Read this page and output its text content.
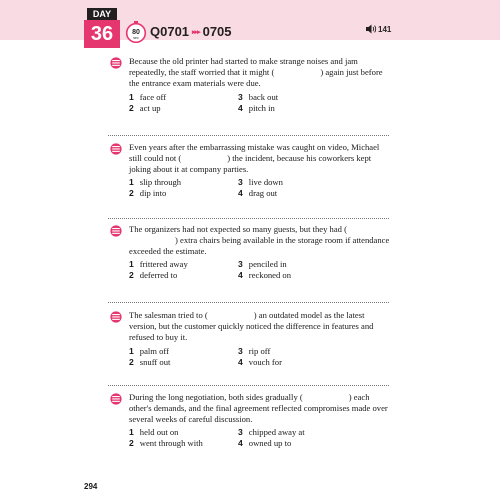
DAY
36	80
sec Q0701 ▸▸▸ 0705	141

Because the old printer had started to make strange noises and jam repeatedly, the staff worried that it might (	) again just before the entrance exam materials were due.

1 face off
2 act up
3 back out
4 pitch in

Even years after the embarrassing mistake was caught on video, Michael still could not (	) the incident, because his coworkers kept joking about it at company parties.

1 slip through
2 dip into
3 live down
4 drag out

The organizers had not expected so many guests, but they had () extra chairs being available in the storage room if attendance exceeded the estimate.

1 frittered away
2 deferred to
3 penciled in
4 reckoned on

The salesman tried to (	) an outdated model as the latest version, but the customer quickly noticed the difference in features and refused to buy it.

1 palm off
2 snuff out
3 rip off
4 vouch for

During the long negotiation, both sides gradually (	) each other's demands, and the final agreement reflected compromises made over several weeks of careful discussion.

1 held out on
2 went through with
3 chipped away at
4 owned up to
294
